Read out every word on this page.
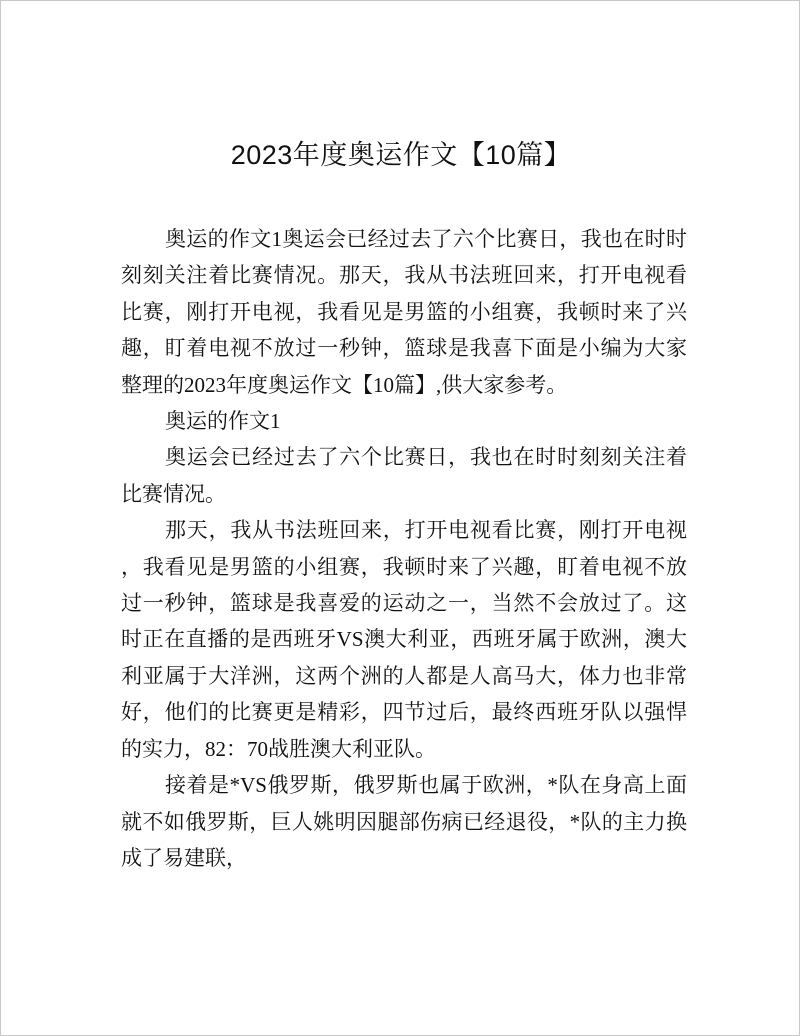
2023年度奥运作文【10篇】

奥运的作文1奥运会已经过去了六个比赛日，我也在时时刻刻关注着比赛情况。那天，我从书法班回来，打开电视看比赛，刚打开电视，我看见是男篮的小组赛，我顿时来了兴趣，盯着电视不放过一秒钟，篮球是我喜下面是小编为大家整理的2023年度奥运作文【10篇】,供大家参考。

奥运的作文1

奥运会已经过去了六个比赛日，我也在时时刻刻关注着比赛情况。

那天，我从书法班回来，打开电视看比赛，刚打开电视，我看见是男篮的小组赛，我顿时来了兴趣，盯着电视不放过一秒钟，篮球是我喜爱的运动之一，当然不会放过了。这时正在直播的是西班牙VS澳大利亚，西班牙属于欧洲，澳大利亚属于大洋洲，这两个洲的人都是人高马大，体力也非常好，他们的比赛更是精彩，四节过后，最终西班牙队以强悍的实力，82：70战胜澳大利亚队。

接着是*VS俄罗斯，俄罗斯也属于欧洲，*队在身高上面就不如俄罗斯，巨人姚明因腿部伤病已经退役，*队的主力换成了易建联，
